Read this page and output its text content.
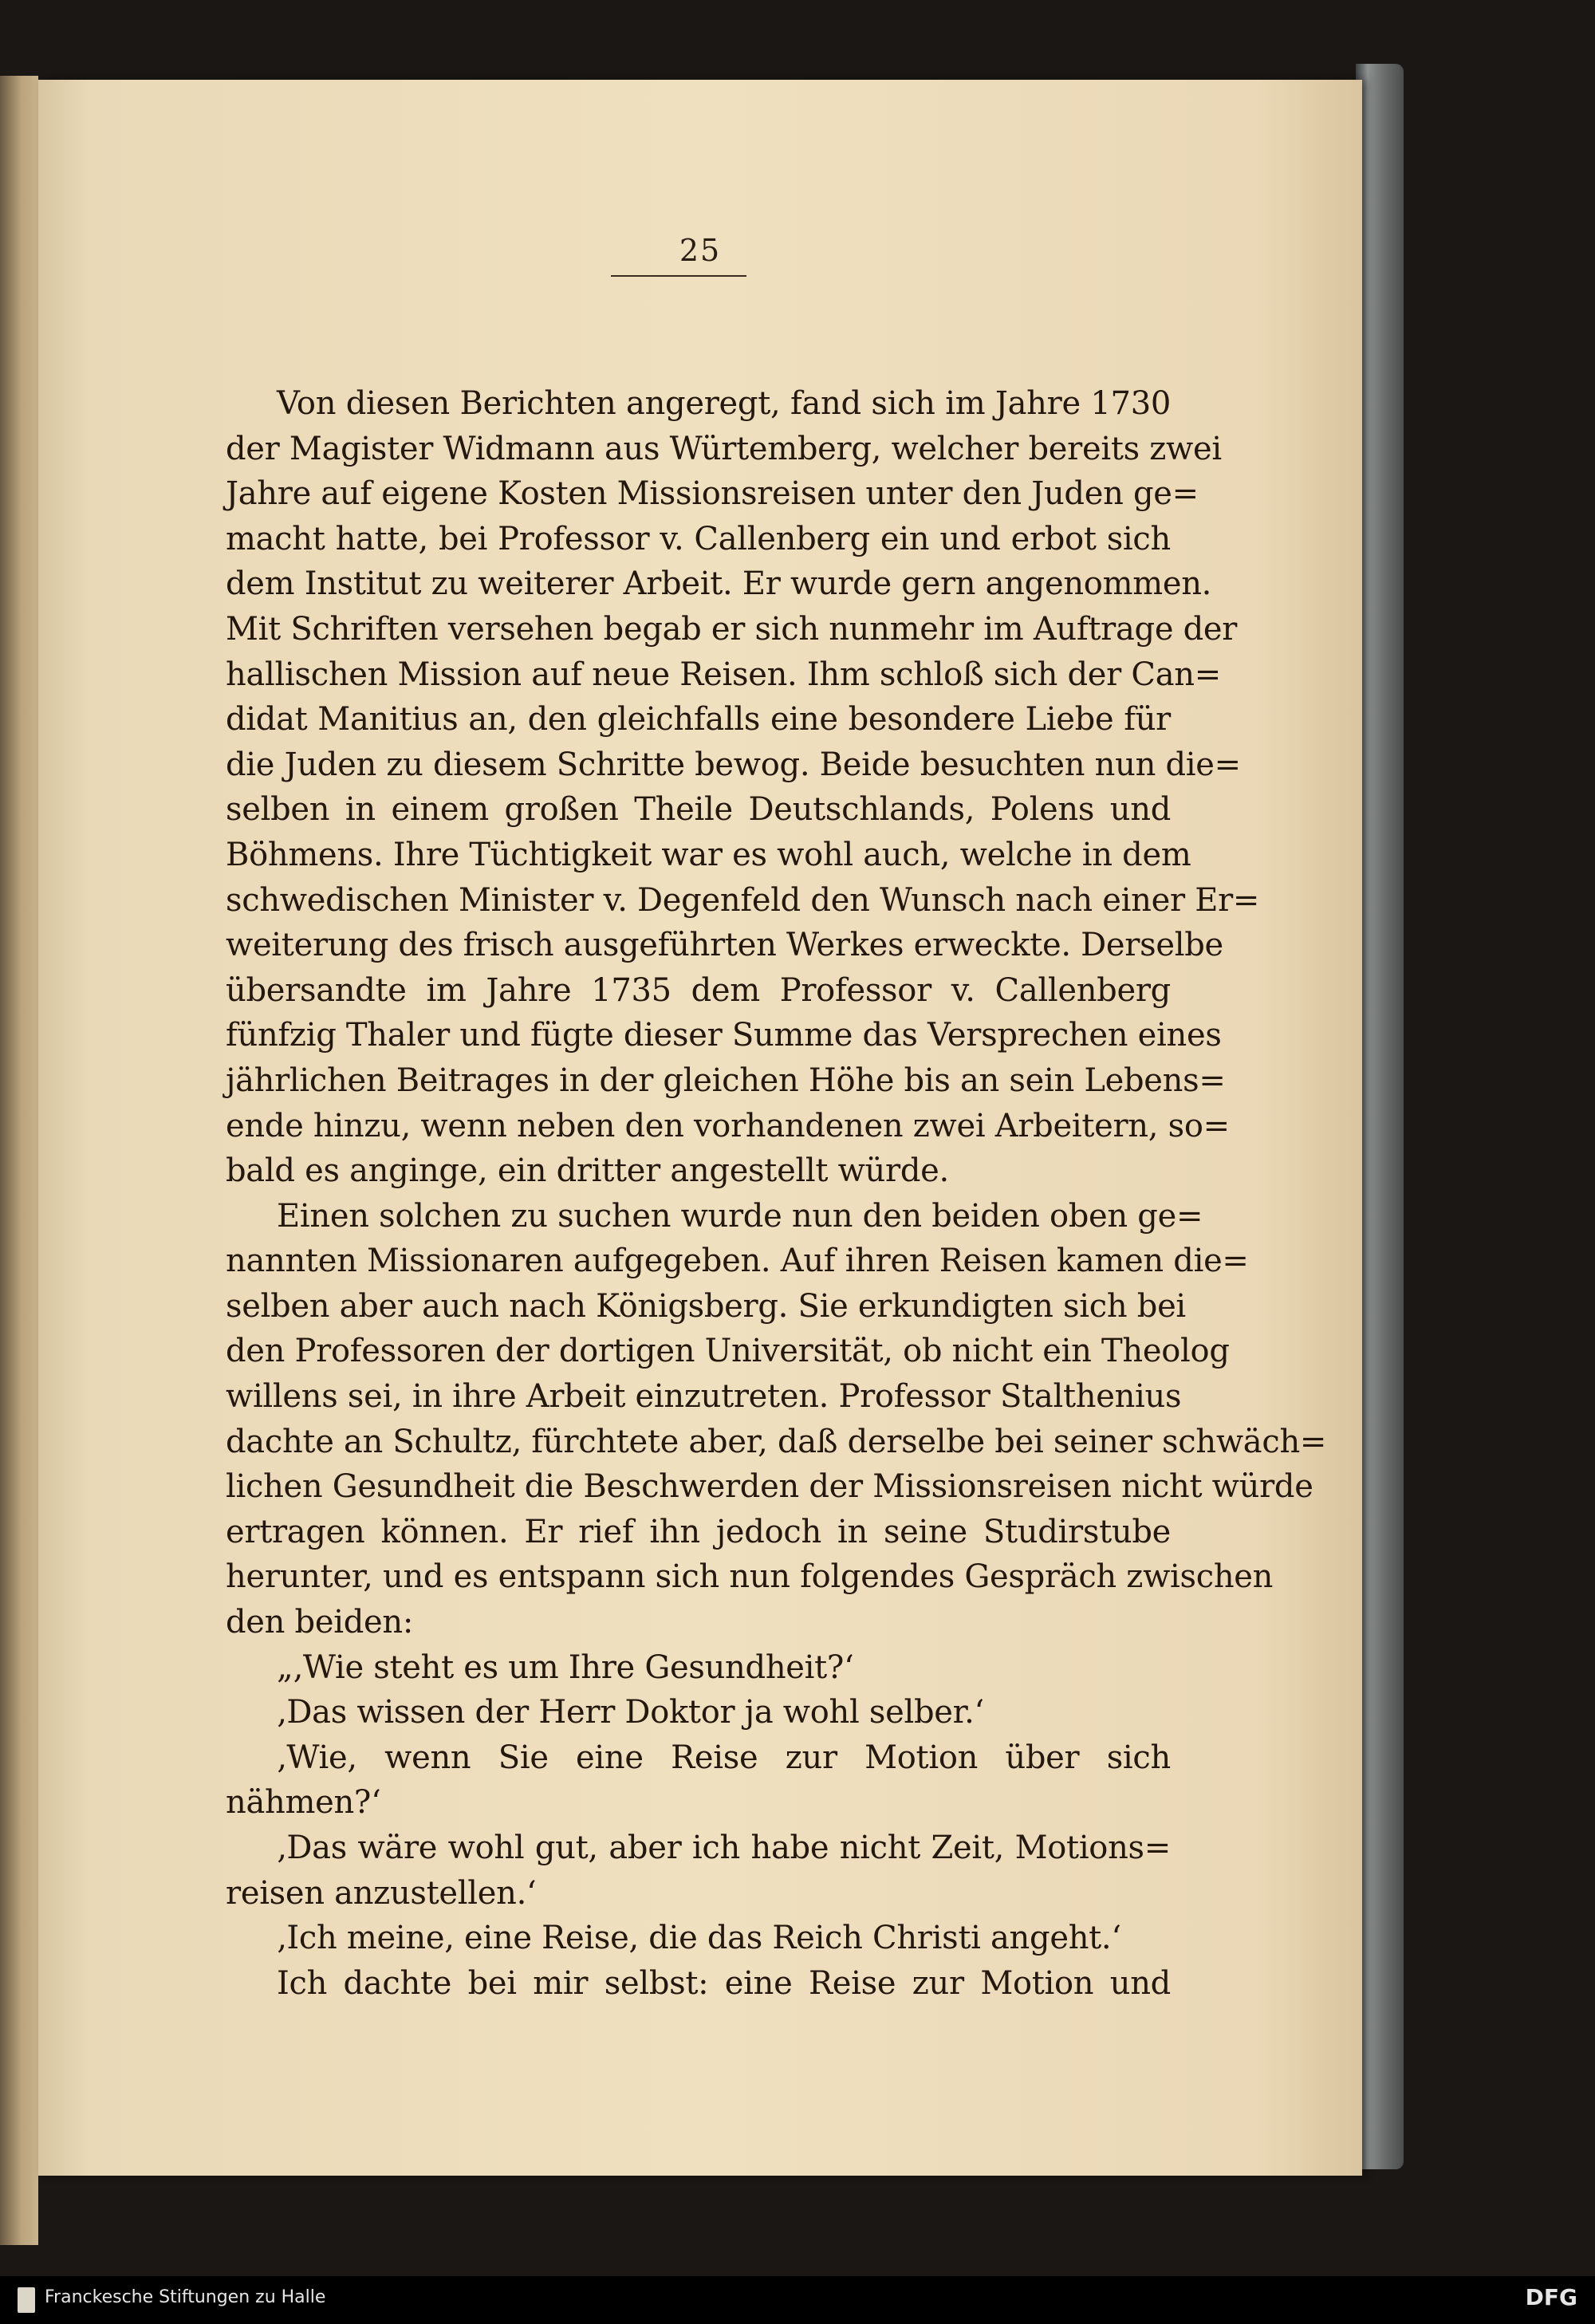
25
Von diesen Berichten angeregt, fand sich im Jahre 1730
der Magister Widmann aus Würtemberg, welcher bereits zwei
Jahre auf eigene Kosten Missionsreisen unter den Juden ge=
macht hatte, bei Professor v. Callenberg ein und erbot sich
dem Institut zu weiterer Arbeit. Er wurde gern angenommen.
Mit Schriften versehen begab er sich nunmehr im Auftrage der
hallischen Mission auf neue Reisen. Ihm schloß sich der Can=
didat Manitius an, den gleichfalls eine besondere Liebe für
die Juden zu diesem Schritte bewog. Beide besuchten nun die=
selben in einem großen Theile Deutschlands, Polens und
Böhmens. Ihre Tüchtigkeit war es wohl auch, welche in dem
schwedischen Minister v. Degenfeld den Wunsch nach einer Er=
weiterung des frisch ausgeführten Werkes erweckte. Derselbe
übersandte im Jahre 1735 dem Professor v. Callenberg
fünfzig Thaler und fügte dieser Summe das Versprechen eines
jährlichen Beitrages in der gleichen Höhe bis an sein Lebens=
ende hinzu, wenn neben den vorhandenen zwei Arbeitern, so=
bald es anginge, ein dritter angestellt würde.
Einen solchen zu suchen wurde nun den beiden oben ge=
nannten Missionaren aufgegeben. Auf ihren Reisen kamen die=
selben aber auch nach Königsberg. Sie erkundigten sich bei
den Professoren der dortigen Universität, ob nicht ein Theolog
willens sei, in ihre Arbeit einzutreten. Professor Stalthenius
dachte an Schultz, fürchtete aber, daß derselbe bei seiner schwäch=
lichen Gesundheit die Beschwerden der Missionsreisen nicht würde
ertragen können. Er rief ihn jedoch in seine Studirstube
herunter, und es entspann sich nun folgendes Gespräch zwischen
den beiden:
„‚Wie steht es um Ihre Gesundheit?‘
‚Das wissen der Herr Doktor ja wohl selber.‘
‚Wie, wenn Sie eine Reise zur Motion über sich
nähmen?‘
‚Das wäre wohl gut, aber ich habe nicht Zeit, Motions=
reisen anzustellen.‘
‚Ich meine, eine Reise, die das Reich Christi angeht.‘
Ich dachte bei mir selbst: eine Reise zur Motion und
Franckesche Stiftungen zu Halle	DFG
